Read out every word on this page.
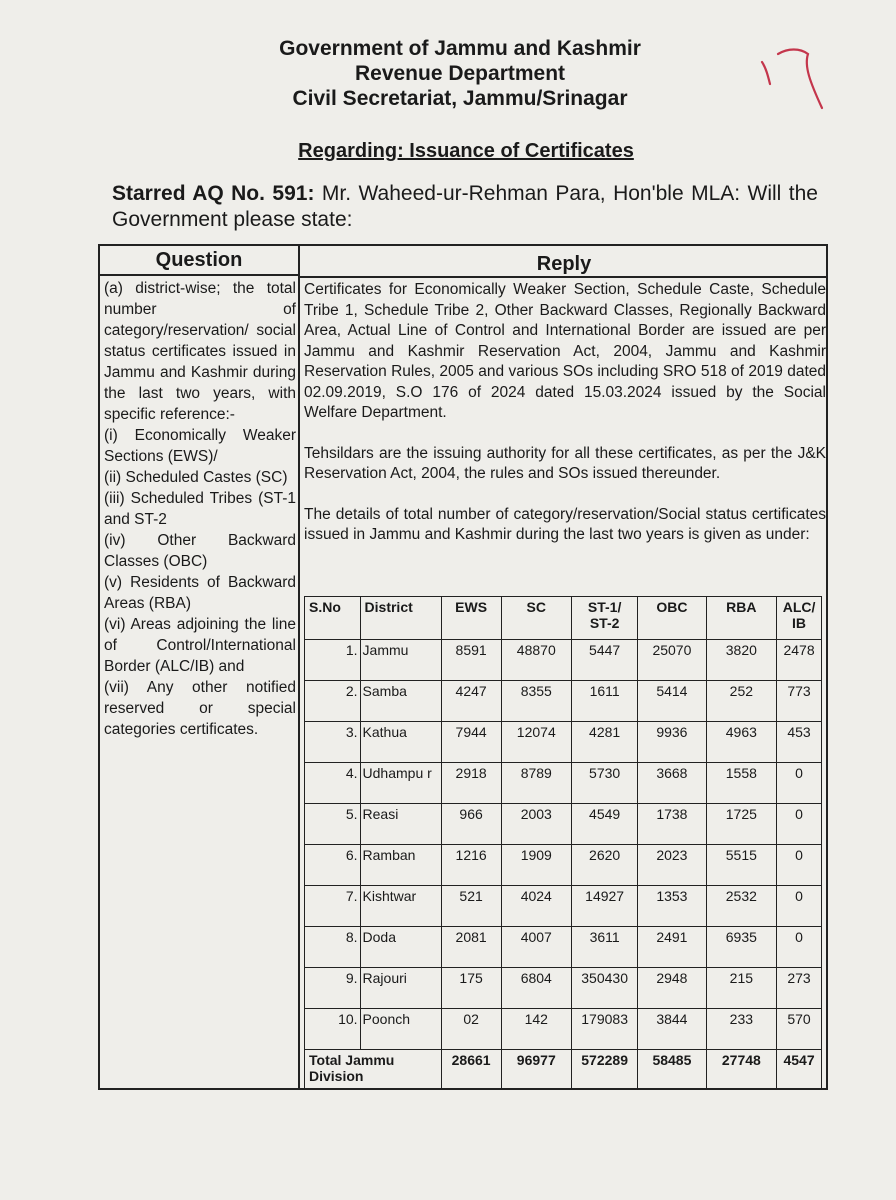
Government of Jammu and Kashmir
Revenue Department
Civil Secretariat, Jammu/Srinagar
Regarding: Issuance of Certificates
Starred AQ No. 591: Mr. Waheed-ur-Rehman Para, Hon'ble MLA: Will the Government please state:
Question	Reply

(a) district-wise; the total number of category/reservation/ social status certificates issued in Jammu and Kashmir during the last two years, with specific reference:-

(i) Economically Weaker Sections (EWS)/

(ii) Scheduled Castes (SC)

(iii) Scheduled Tribes (ST-1 and ST-2

(iv) Other Backward Classes (OBC)

(v) Residents of Backward Areas (RBA)

(vi) Areas adjoining the line of Control/International Border (ALC/IB) and

(vii) Any other notified reserved or special categories certificates.

Certificates for Economically Weaker Section, Schedule Caste, Schedule Tribe 1, Schedule Tribe 2, Other Backward Classes, Regionally Backward Area, Actual Line of Control and International Border are issued are per Jammu and Kashmir Reservation Act, 2004, Jammu and Kashmir Reservation Rules, 2005 and various SOs including SRO 518 of 2019 dated 02.09.2019, S.O 176 of 2024 dated 15.03.2024 issued by the Social Welfare Department.

Tehsildars are the issuing authority for all these certificates, as per the J&K Reservation Act, 2004, the rules and SOs issued thereunder.

The details of total number of category/reservation/Social status certificates issued in Jammu and Kashmir during the last two years is given as under:

S.No	District	EWS	SC	ST-1/ ST-2	OBC	RBA	ALC/ IB
1.	Jammu	8591	48870	5447	25070	3820	2478
2.	Samba	4247	8355	1611	5414	252	773
3.	Kathua	7944	12074	4281	9936	4963	453
4.	Udhampu r	2918	8789	5730	3668	1558	0
5.	Reasi	966	2003	4549	1738	1725	0
6.	Ramban	1216	1909	2620	2023	5515	0
7.	Kishtwar	521	4024	14927	1353	2532	0
8.	Doda	2081	4007	3611	2491	6935	0
9.	Rajouri	175	6804	350430	2948	215	273
10.	Poonch	02	142	179083	3844	233	570
Total Jammu Division		28661	96977	572289	58485	27748	4547
